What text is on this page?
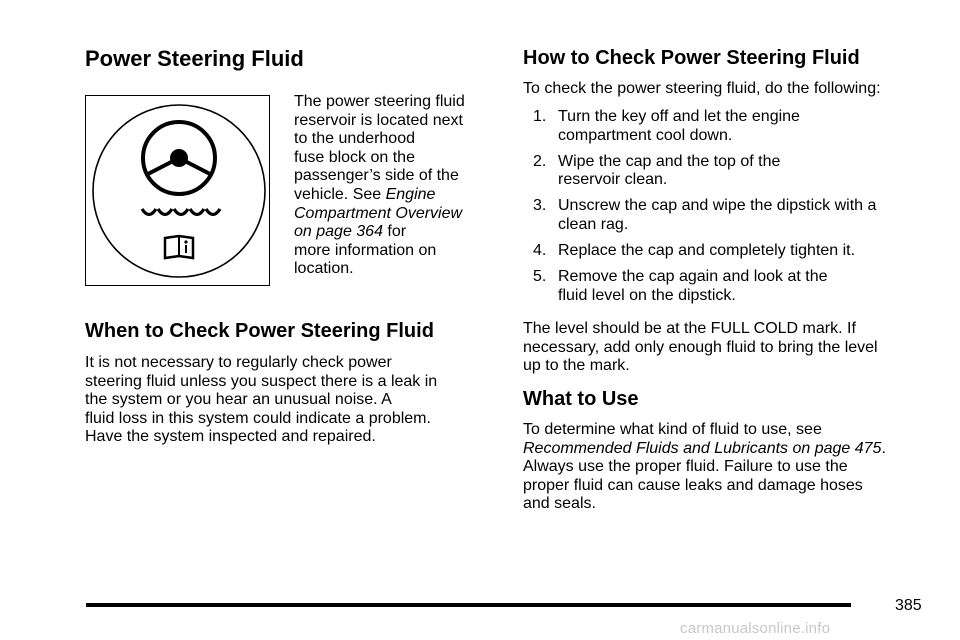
Power Steering Fluid

The power steering fluid
reservoir is located next
to the underhood
fuse block on the
passenger’s side of the
vehicle. See Engine
Compartment Overview
on page 364 for
more information on
location.

When to Check Power Steering Fluid

It is not necessary to regularly check power
steering fluid unless you suspect there is a leak in
the system or you hear an unusual noise. A
fluid loss in this system could indicate a problem.
Have the system inspected and repaired.

How to Check Power Steering Fluid

To check the power steering fluid, do the following:

1. Turn the key off and let the engine
compartment cool down.
2. Wipe the cap and the top of the
reservoir clean.
3. Unscrew the cap and wipe the dipstick with a
clean rag.
4. Replace the cap and completely tighten it.
5. Remove the cap again and look at the
fluid level on the dipstick.

The level should be at the FULL COLD mark. If
necessary, add only enough fluid to bring the level
up to the mark.

What to Use

To determine what kind of fluid to use, see
Recommended Fluids and Lubricants on page 475.
Always use the proper fluid. Failure to use the
proper fluid can cause leaks and damage hoses
and seals.

385
carmanualsonline.info
